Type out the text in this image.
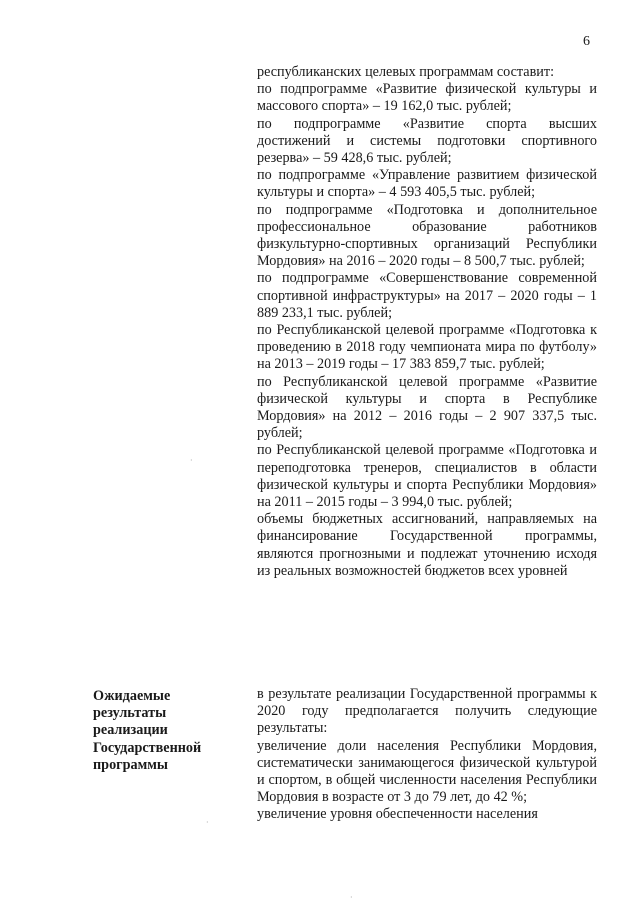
6
·
·
·

республиканских целевых программам составит:

по подпрограмме «Развитие физической культуры и массового спорта» – 19 162,0 тыс. рублей;

по подпрограмме «Развитие спорта высших достижений и системы подготовки спортивного резерва» – 59 428,6 тыс. рублей;

по подпрограмме «Управление развитием физической культуры и спорта» – 4 593 405,5 тыс. рублей;

по подпрограмме «Подготовка и дополнительное профессиональное образование работников физкультурно-спортивных организаций Республики Мордовия» на 2016 – 2020 годы – 8 500,7 тыс. рублей;

по подпрограмме «Совершенствование современной спортивной инфраструктуры» на 2017 – 2020 годы – 1 889 233,1 тыс. рублей;

по Республиканской целевой программе «Подготовка к проведению в 2018 году чемпионата мира по футболу» на 2013 – 2019 годы – 17 383 859,7 тыс. рублей;

по Республиканской целевой программе «Развитие физической культуры и спорта в Республике Мордовия» на 2012 – 2016 годы – 2 907 337,5 тыс. рублей;

по Республиканской целевой программе «Подготовка и переподготовка тренеров, специалистов в области физической культуры и спорта Республики Мордовия» на 2011 – 2015 годы – 3 994,0 тыс. рублей;

объемы бюджетных ассигнований, направляемых на финансирование Государственной программы, являются прогнозными и подлежат уточнению исходя из реальных возможностей бюджетов всех уровней

Ожидаемые
результаты
реализации
Государственной
программы

в результате реализации Государственной программы к 2020 году предполагается получить следующие результаты:

увеличение доли населения Республики Мордовия, систематически занимающегося физической культурой и спортом, в общей численности населения Республики Мордовия в возрасте от 3 до 79 лет, до 42 %;

увеличение уровня обеспеченности населения
